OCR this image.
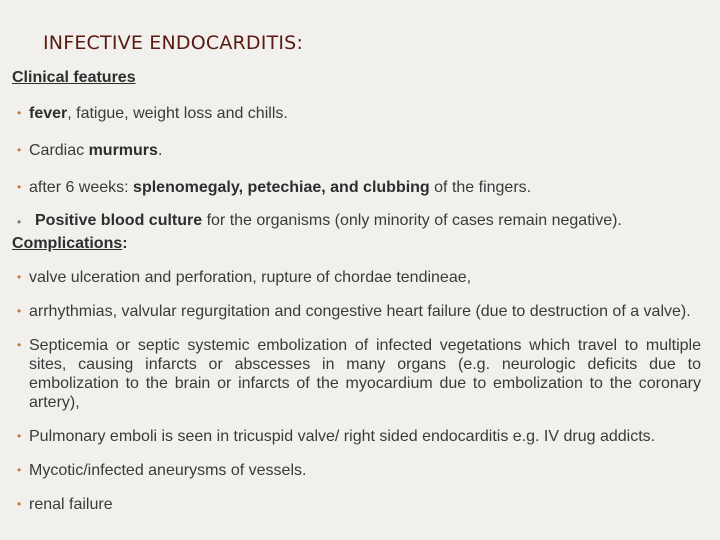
INFECTIVE ENDOCARDITIS:
Clinical features
• fever, fatigue, weight loss and chills.
• Cardiac murmurs.
• after 6 weeks: splenomegaly, petechiae, and clubbing of the fingers.
• Positive blood culture for the organisms (only minority of cases remain negative).
Complications:
• valve ulceration and perforation, rupture of chordae tendineae,
• arrhythmias, valvular regurgitation and congestive heart failure (due to destruction of a valve).
• Septicemia or septic systemic embolization of infected vegetations which travel to multiple sites, causing infarcts or abscesses in many organs (e.g. neurologic deficits due to embolization to the brain or infarcts of the myocardium due to embolization to the coronary artery),
• Pulmonary emboli is seen in tricuspid valve/ right sided endocarditis e.g. IV drug addicts.
• Mycotic/infected aneurysms of vessels.
• renal failure
